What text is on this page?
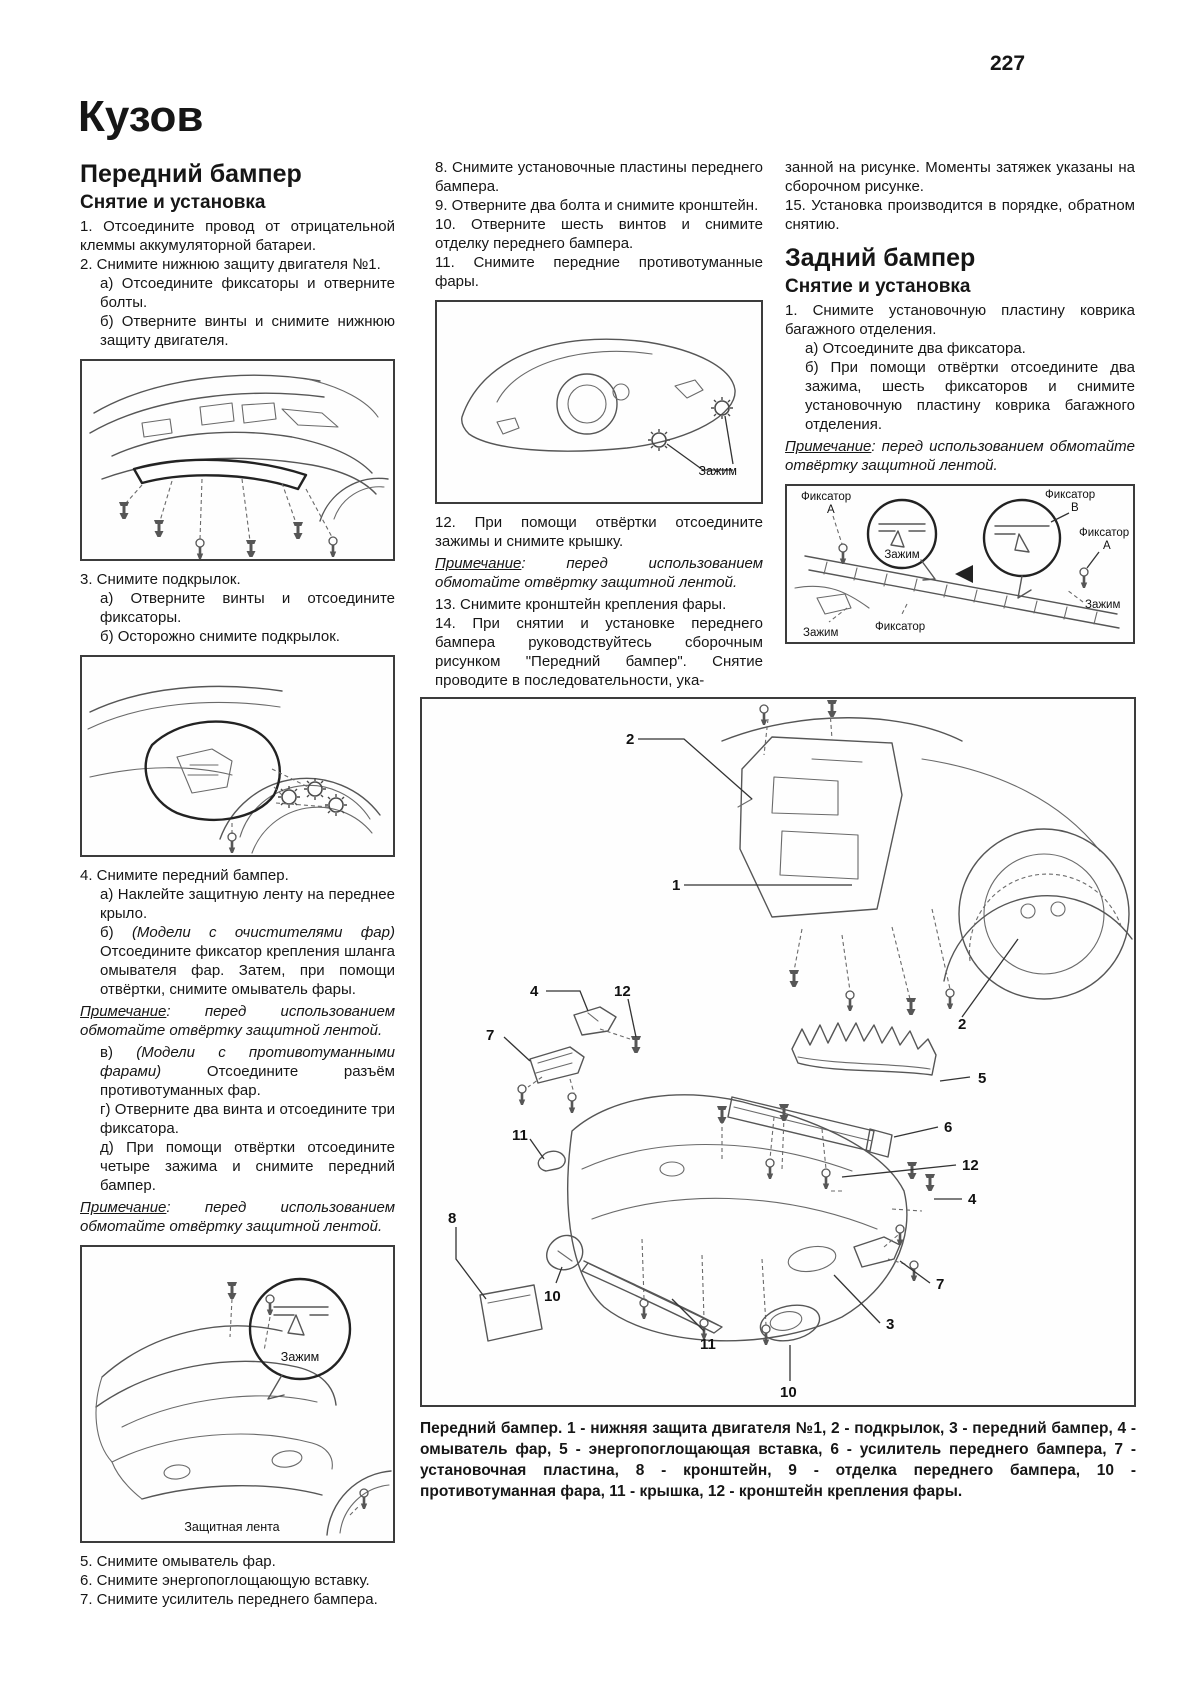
227
Кузов
Передний бампер
Снятие и установка

1. Отсоедините провод от отрицательной клеммы аккумуляторной батареи.

2. Снимите нижнюю защиту двигателя №1.

а) Отсоедините фиксаторы и отверните болты.

б) Отверните винты и снимите нижнюю защиту двигателя.

3. Снимите подкрылок.

а) Отверните винты и отсоедините фиксаторы.

б) Осторожно снимите подкрылок.

4. Снимите передний бампер.

а) Наклейте защитную ленту на переднее крыло.

б) (Модели с очистителями фар) Отсоедините фиксатор крепления шланга омывателя фар. Затем, при помощи отвёртки, снимите омыватель фары.

Примечание: перед использованием обмотайте отвёртку защитной лентой.

в) (Модели с противотуманными фарами) Отсоедините разъём противотуманных фар.

г) Отверните два винта и отсоедините три фиксатора.

д) При помощи отвёртки отсоедините четыре зажима и снимите передний бампер.

Примечание: перед использованием обмотайте отвёртку защитной лентой.

Зажим
Защитная лента

5. Снимите омыватель фар.

6. Снимите энергопоглощающую вставку.

7. Снимите усилитель переднего бампера.

8. Снимите установочные пластины переднего бампера.

9. Отверните два болта и снимите кронштейн.

10. Отверните шесть винтов и снимите отделку переднего бампера.

11. Снимите передние противотуманные фары.

Зажим

12. При помощи отвёртки отсоедините зажимы и снимите крышку.

Примечание: перед использованием обмотайте отвёртку защитной лентой.

13. Снимите кронштейн крепления фары.

14. При снятии и установке переднего бампера руководствуйтесь сборочным рисунком "Передний бампер". Снятие проводите в последовательности, ука-

занной на рисунке. Моменты затяжек указаны на сборочном рисунке.

15. Установка производится в порядке, обратном снятию.

Задний бампер
Снятие и установка

1. Снимите установочную пластину коврика багажного отделения.

а) Отсоедините два фиксатора.

б) При помощи отвёртки отсоедините два зажима, шесть фиксаторов и снимите установочную пластину коврика багажного отделения.

Примечание: перед использованием обмотайте отвёртку защитной лентой.

Фиксатор
А
Зажим
Фиксатор
В
Фиксатор
А
Зажим
Зажим	Фиксатор
2
1
2
5
6
12
4
7
3
4	12
7
11
8
10
11
10
Передний бампер. 1 - нижняя защита двигателя №1, 2 - подкрылок, 3 - передний бампер, 4 - омыватель фар, 5 - энергопоглощающая вставка, 6 - усилитель переднего бампера, 7 - установочная пластина, 8 - кронштейн, 9 - отделка переднего бампера, 10 - противотуманная фара, 11 - крышка, 12 - кронштейн крепления фары.
